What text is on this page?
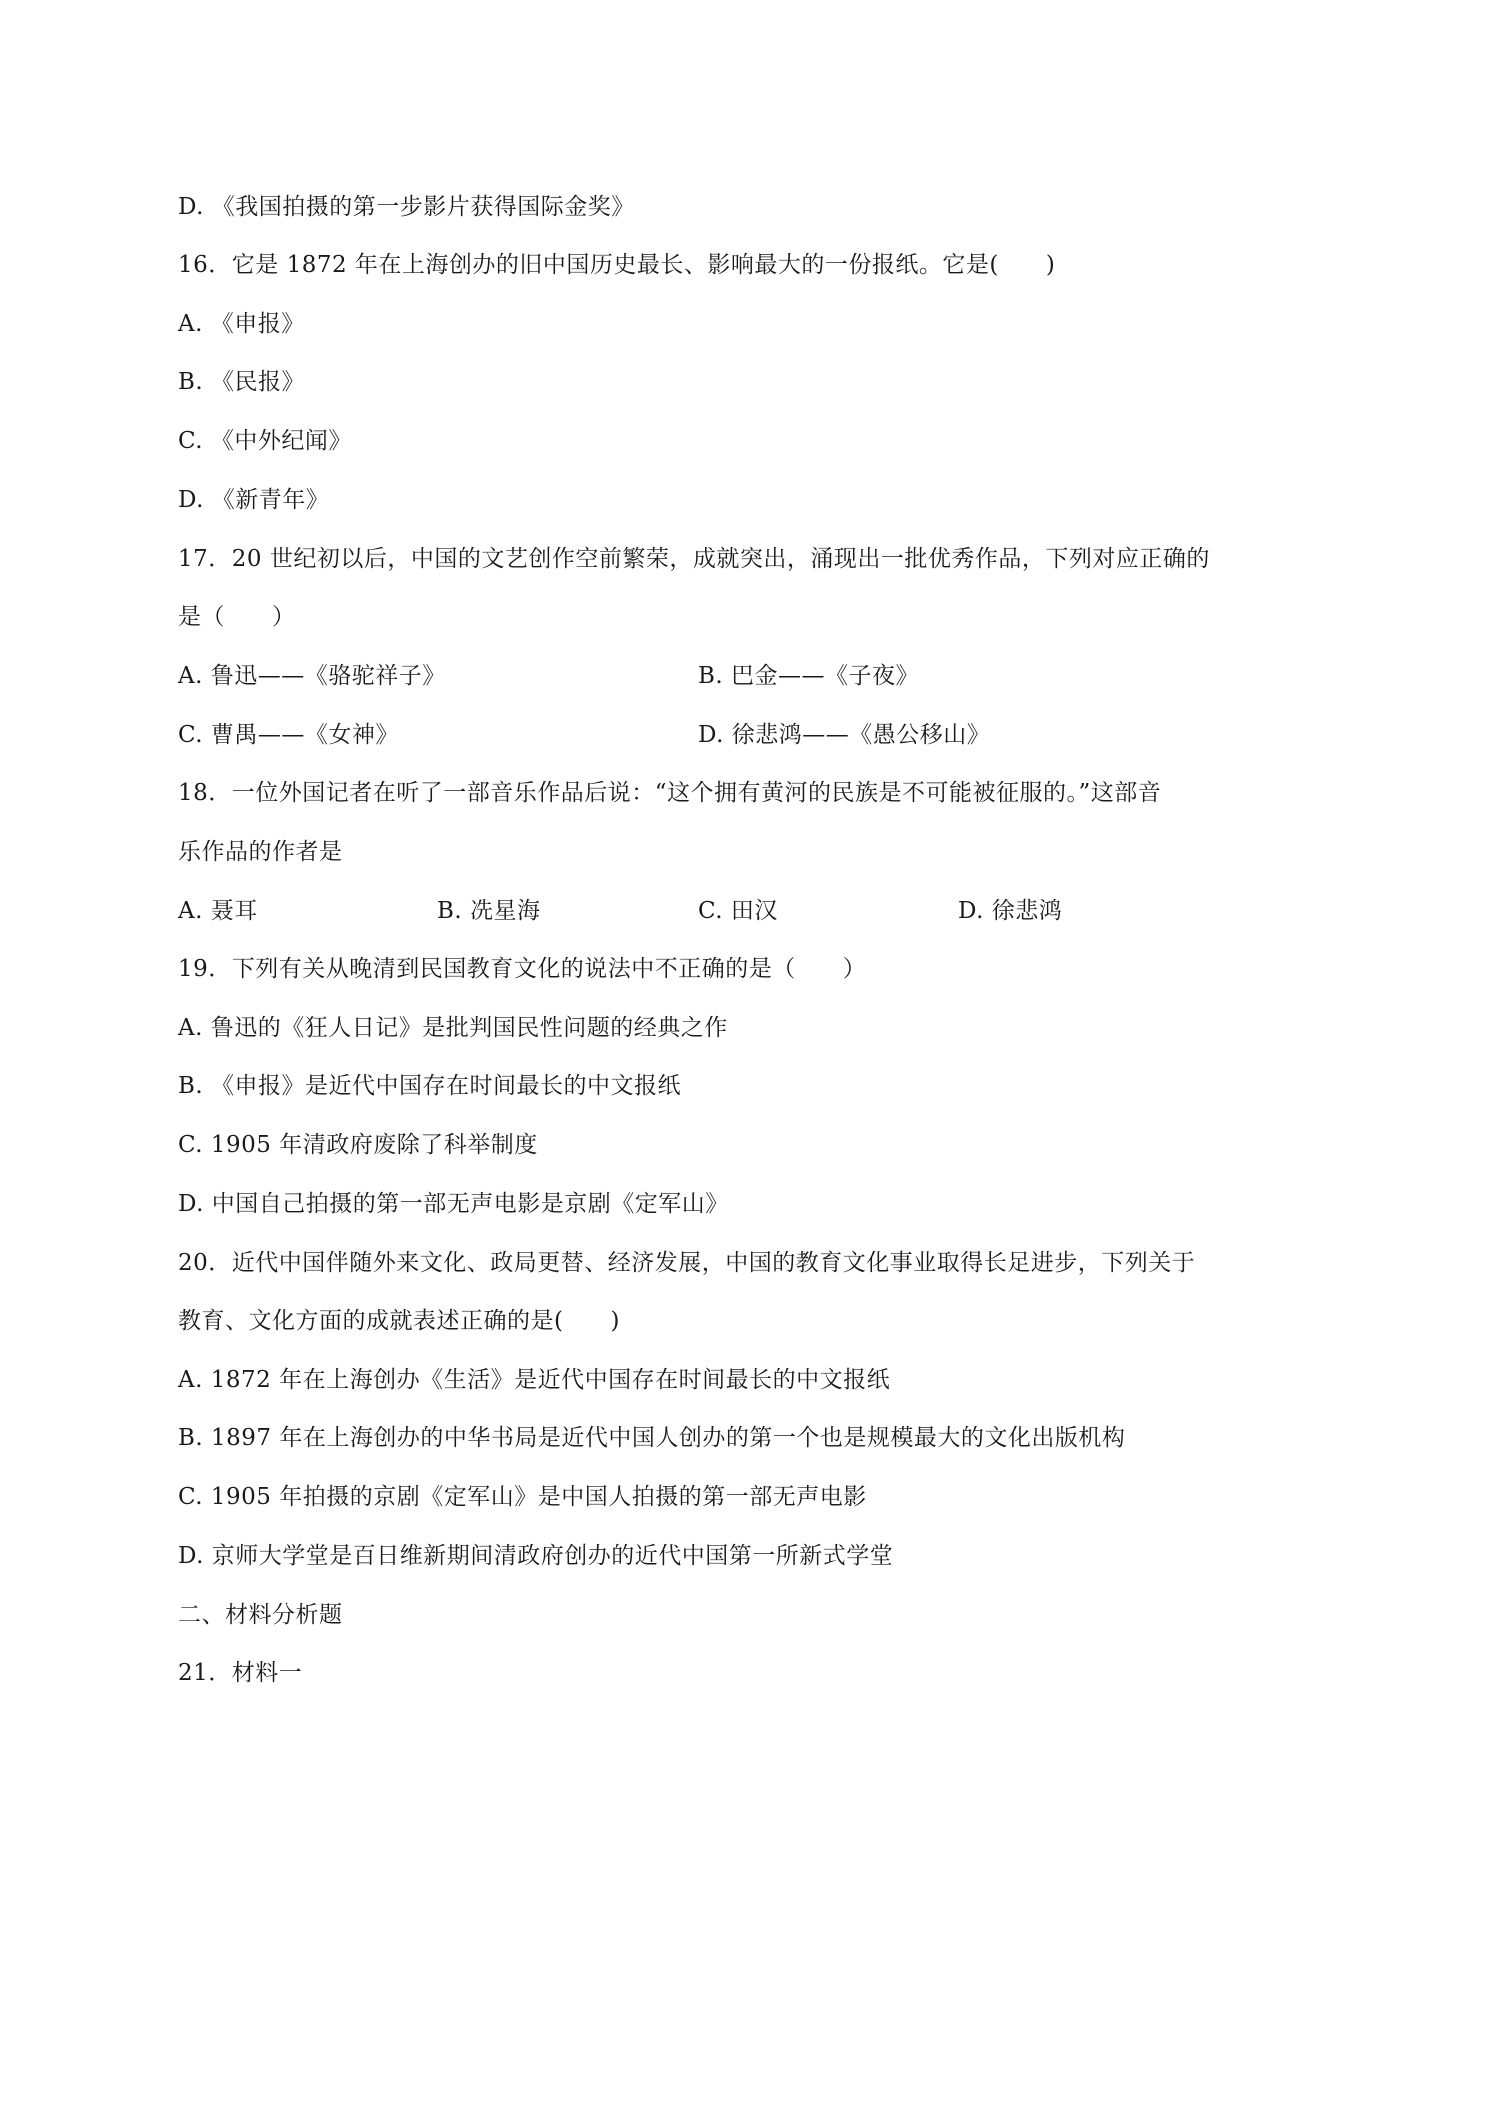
D. 《我国拍摄的第一步影片获得国际金奖》
16．它是 1872 年在上海创办的旧中国历史最长、影响最大的一份报纸。它是(　　)
A. 《申报》
B. 《民报》
C. 《中外纪闻》
D. 《新青年》
17．20 世纪初以后，中国的文艺创作空前繁荣，成就突出，涌现出一批优秀作品，下列对应正确的
是（　　）
A. 鲁迅——《骆驼祥子》	B. 巴金——《子夜》
C. 曹禺——《女神》	D. 徐悲鸿——《愚公移山》
18．一位外国记者在听了一部音乐作品后说：“这个拥有黄河的民族是不可能被征服的。”这部音
乐作品的作者是
A. 聂耳	B. 冼星海	C. 田汉	D. 徐悲鸿
19．下列有关从晚清到民国教育文化的说法中不正确的是（　　）
A. 鲁迅的《狂人日记》是批判国民性问题的经典之作
B. 《申报》是近代中国存在时间最长的中文报纸
C. 1905 年清政府废除了科举制度
D. 中国自己拍摄的第一部无声电影是京剧《定军山》
20．近代中国伴随外来文化、政局更替、经济发展，中国的教育文化事业取得长足进步，下列关于
教育、文化方面的成就表述正确的是(　　)
A. 1872 年在上海创办《生活》是近代中国存在时间最长的中文报纸
B. 1897 年在上海创办的中华书局是近代中国人创办的第一个也是规模最大的文化出版机构
C. 1905 年拍摄的京剧《定军山》是中国人拍摄的第一部无声电影
D. 京师大学堂是百日维新期间清政府创办的近代中国第一所新式学堂
二、材料分析题
21．材料一
